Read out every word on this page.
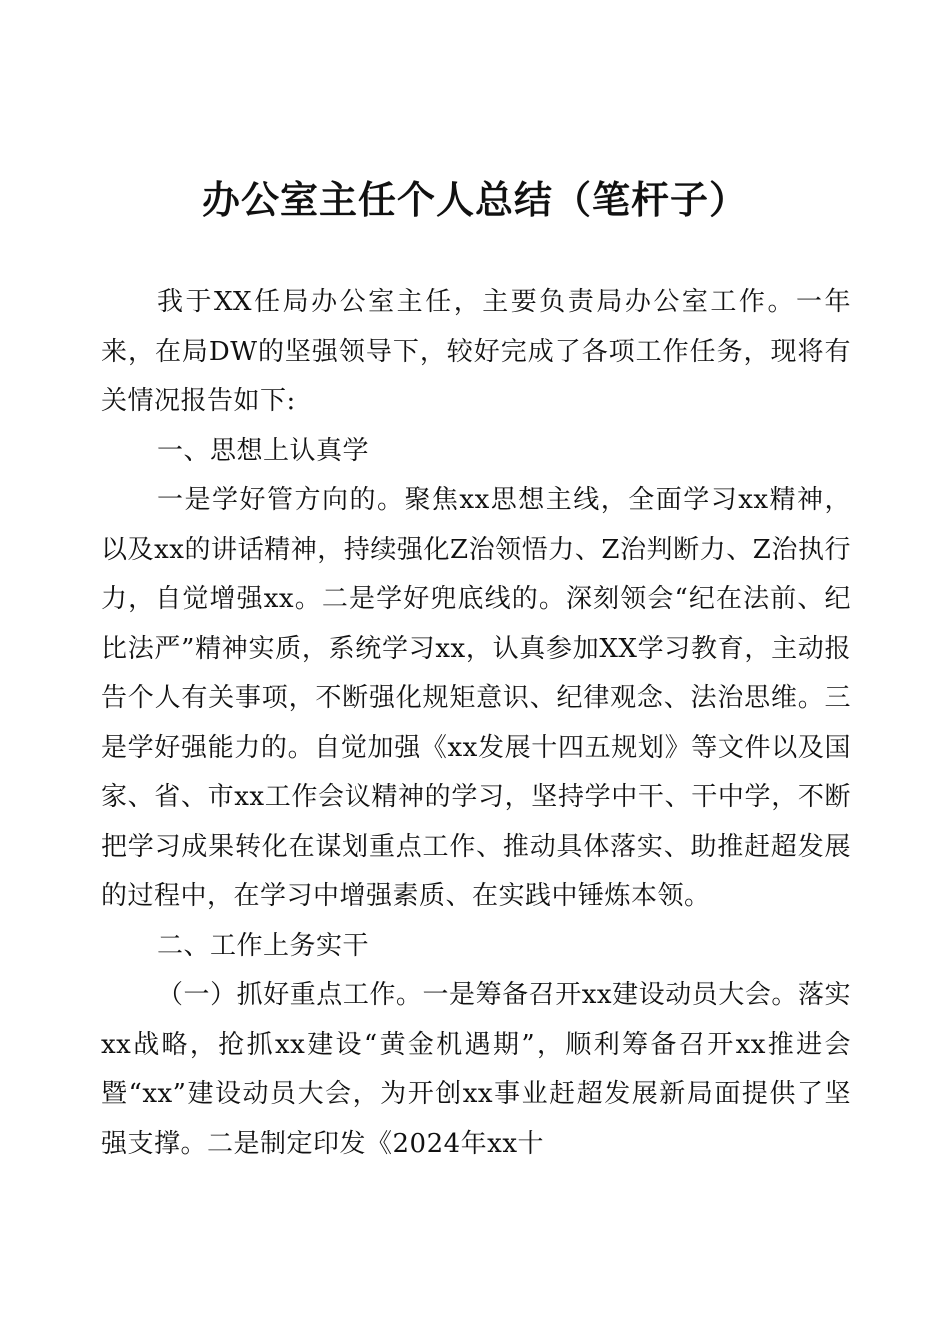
办公室主任个人总结（笔杆子）

我于XX任局办公室主任，主要负责局办公室工作。一年来，在局DW的坚强领导下，较好完成了各项工作任务，现将有关情况报告如下:

一、思想上认真学

一是学好管方向的。聚焦xx思想主线，全面学习xx精神，以及xx的讲话精神，持续强化Z治领悟力、Z治判断力、Z治执行力，自觉增强xx。二是学好兜底线的。深刻领会“纪在法前、纪比法严”精神实质，系统学习xx，认真参加XX学习教育，主动报告个人有关事项，不断强化规矩意识、纪律观念、法治思维。三是学好强能力的。自觉加强《xx发展十四五规划》等文件以及国家、省、市xx工作会议精神的学习，坚持学中干、干中学，不断把学习成果转化在谋划重点工作、推动具体落实、助推赶超发展的过程中，在学习中增强素质、在实践中锤炼本领。

二、工作上务实干

（一）抓好重点工作。一是筹备召开xx建设动员大会。落实xx战略，抢抓xx建设“黄金机遇期”，顺利筹备召开xx推进会暨“xx”建设动员大会，为开创xx事业赶超发展新局面提供了坚强支撑。二是制定印发《2024年xx十
